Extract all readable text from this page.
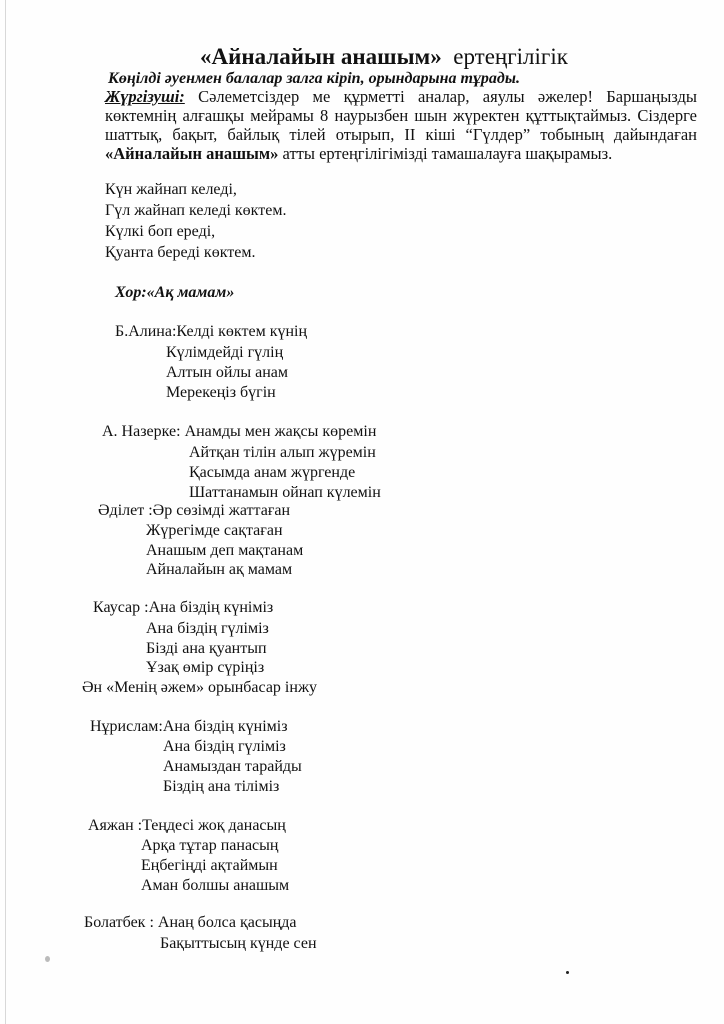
«Айналайын анашым» ертеңгілігік
Көңілді әуенмен балалар залга кіріп, орындарына тұрады.
Жүргізуші: Сәлеметсіздер ме құрметті аналар, аяулы әжелер! Баршаңызды көктемнің алғашқы мейрамы 8 наурызбен шын жүректен құттықтаймыз. Сіздерге шаттық, бақыт, байлық тілей отырып, ІІ кіші “Гүлдер” тобының дайындаған «Айналайын анашым» атты ертеңгілігімізді тамашалауға шақырамыз.
Күн жайнап келеді,
Гүл жайнап келеді көктем.
Күлкі боп ереді,
Қуанта береді көктем.
Хор:«Ақ мамам»
Б.Алина:Келді көктем күнің
Күлімдейді гүлің
Алтын ойлы анам
Мерекеңіз бүгін
А. Назерке: Анамды мен жақсы көремін
Айтқан тілін алып жүремін
Қасымда анам жүргенде
Шаттанамын ойнап күлемін
Әділет :Әр сөзімді жаттаған
Жүрегімде сақтаған
Анашым деп мақтанам
Айналайын ақ мамам
Каусар :Ана біздің күніміз
Ана біздің гүліміз
Бізді ана қуантып
Ұзақ өмір сүріңіз
Ән «Менің әжем» орынбасар інжу
Нұрислам:Ана біздің күніміз
Ана біздің гүліміз
Анамыздан тарайды
Біздің ана тіліміз
Аяжан :Теңдесі жоқ данасың
Арқа тұтар панасың
Еңбегіңді ақтаймын
Аман болшы анашым
Болатбек : Анаң болса қасыңда
Бақыттысың күнде сен
